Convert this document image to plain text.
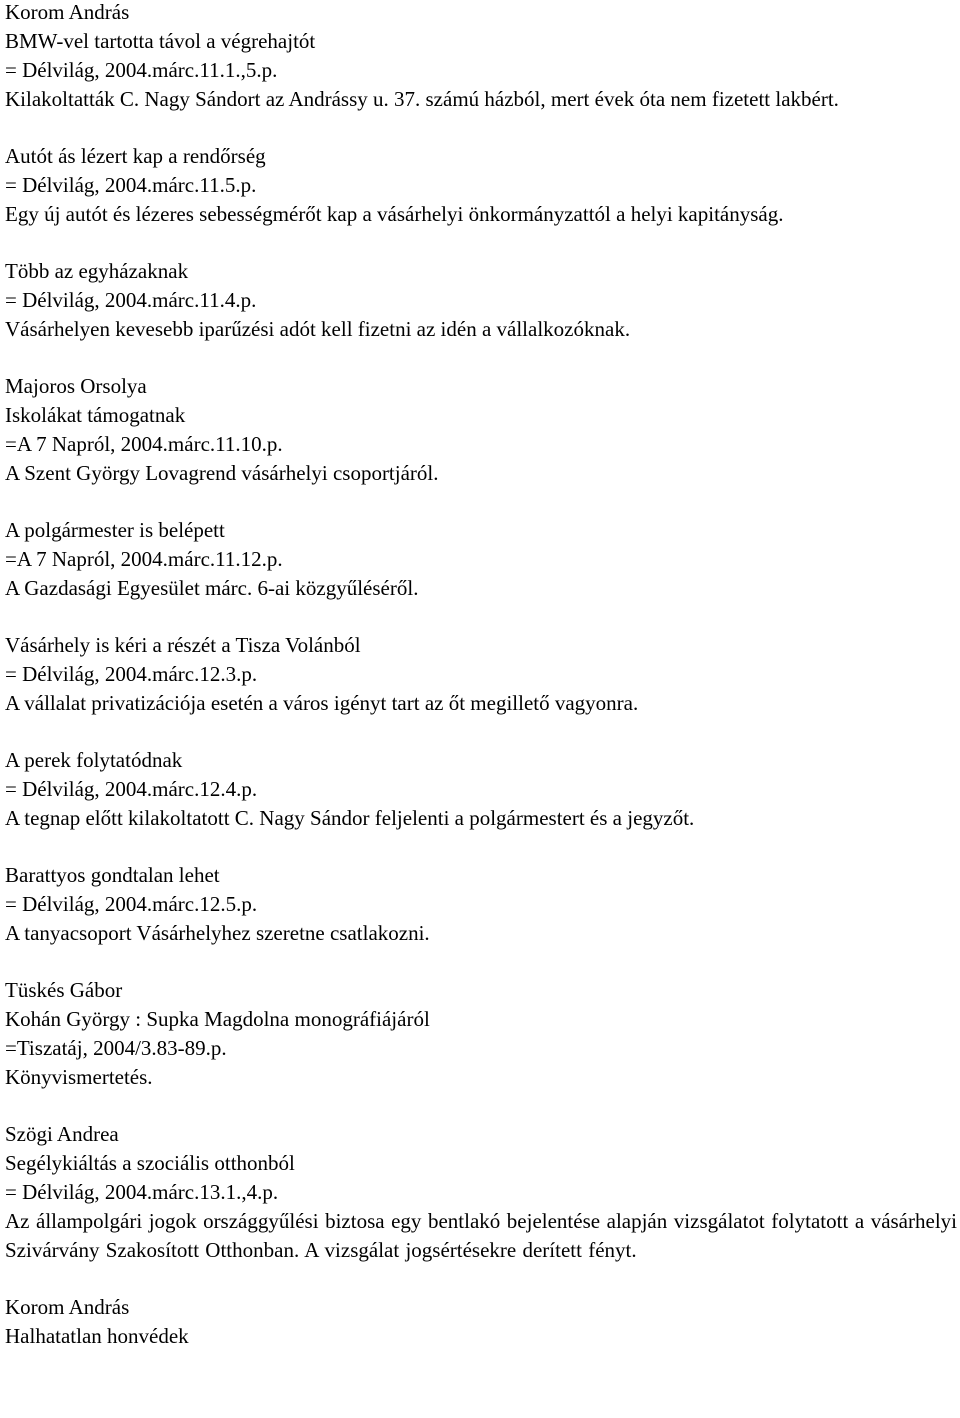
Korom András
BMW-vel tartotta távol a végrehajtót
= Délvilág, 2004.márc.11.1.,5.p.
Kilakoltatták C. Nagy Sándort az Andrássy u. 37. számú házból, mert évek óta nem fizetett lakbért.
Autót ás lézert kap a rendőrség
= Délvilág, 2004.márc.11.5.p.
Egy új autót és lézeres sebességmérőt kap a vásárhelyi önkormányzattól a helyi kapitányság.
Több az egyházaknak
= Délvilág, 2004.márc.11.4.p.
Vásárhelyen kevesebb iparűzési adót kell fizetni az idén a vállalkozóknak.
Majoros Orsolya
Iskolákat támogatnak
=A 7 Napról, 2004.márc.11.10.p.
A Szent György Lovagrend vásárhelyi csoportjáról.
A polgármester is belépett
=A 7 Napról, 2004.márc.11.12.p.
A Gazdasági Egyesület márc. 6-ai közgyűléséről.
Vásárhely is kéri a részét a Tisza Volánból
= Délvilág, 2004.márc.12.3.p.
A vállalat privatizációja esetén a város igényt tart az őt megillető vagyonra.
A perek folytatódnak
= Délvilág, 2004.márc.12.4.p.
A tegnap előtt kilakoltatott C. Nagy Sándor feljelenti a polgármestert és a jegyzőt.
Barattyos gondtalan lehet
= Délvilág, 2004.márc.12.5.p.
A tanyacsoport Vásárhelyhez szeretne csatlakozni.
Tüskés Gábor
Kohán György : Supka Magdolna monográfiájáról
=Tiszatáj, 2004/3.83-89.p.
Könyvismertetés.
Szögi Andrea
Segélykiáltás a szociális otthonból
= Délvilág, 2004.márc.13.1.,4.p.
Az állampolgári jogok országgyűlési biztosa egy bentlakó bejelentése alapján vizsgálatot folytatott a vásárhelyi Szivárvány Szakosított Otthonban. A vizsgálat jogsértésekre derített fényt.
Korom András
Halhatatlan honvédek
